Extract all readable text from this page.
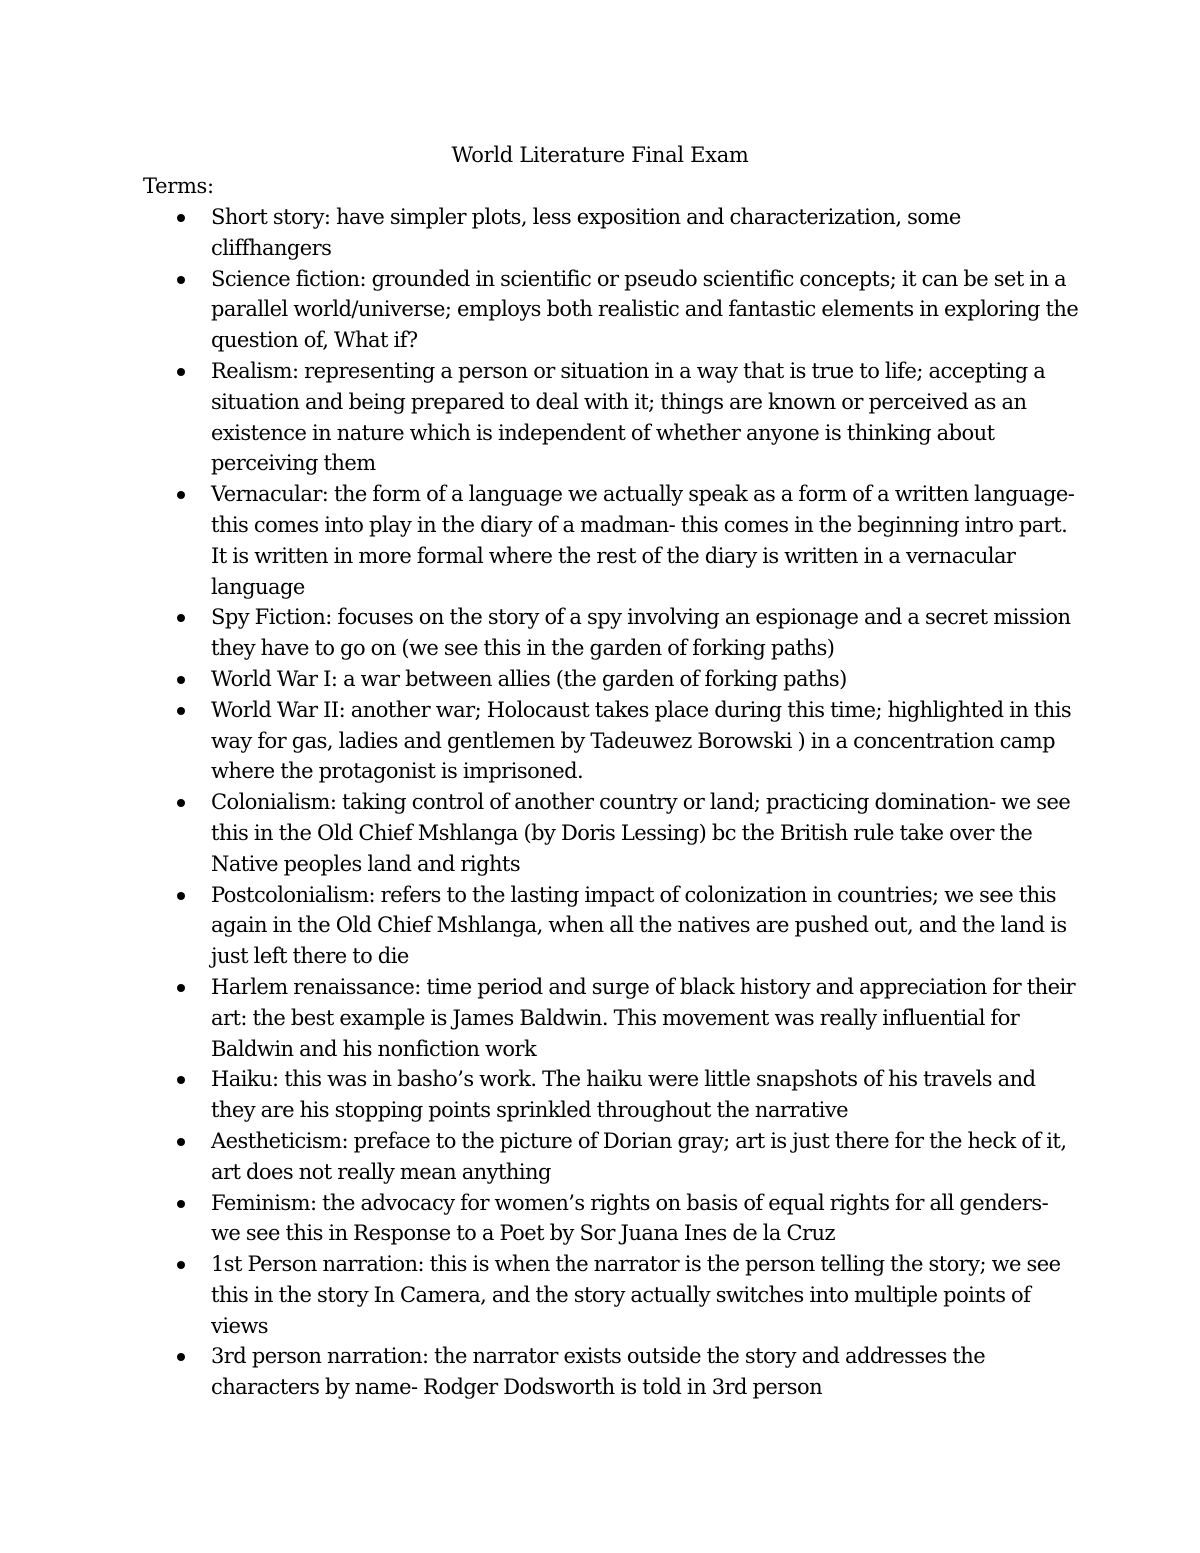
World Literature Final Exam
Terms:
Short story: have simpler plots, less exposition and characterization, some cliffhangers
Science fiction: grounded in scientific or pseudo scientific concepts; it can be set in a parallel world/universe; employs both realistic and fantastic elements in exploring the question of, What if?
Realism: representing a person or situation in a way that is true to life; accepting a situation and being prepared to deal with it; things are known or perceived as an existence in nature which is independent of whether anyone is thinking about perceiving them
Vernacular: the form of a language we actually speak as a form of a written language- this comes into play in the diary of a madman- this comes in the beginning intro part. It is written in more formal where the rest of the diary is written in a vernacular language
Spy Fiction: focuses on the story of a spy involving an espionage and a secret mission they have to go on (we see this in the garden of forking paths)
World War I: a war between allies (the garden of forking paths)
World War II: another war; Holocaust takes place during this time; highlighted in this way for gas, ladies and gentlemen by Tadeuwez Borowski ) in a concentration camp where the protagonist is imprisoned.
Colonialism: taking control of another country or land; practicing domination- we see this in the Old Chief Mshlanga (by Doris Lessing) bc the British rule take over the Native peoples land and rights
Postcolonialism: refers to the lasting impact of colonization in countries; we see this again in the Old Chief Mshlanga, when all the natives are pushed out, and the land is just left there to die
Harlem renaissance: time period and surge of black history and appreciation for their art: the best example is James Baldwin. This movement was really influential for Baldwin and his nonfiction work
Haiku: this was in basho’s work. The haiku were little snapshots of his travels and they are his stopping points sprinkled throughout the narrative
Aestheticism: preface to the picture of Dorian gray; art is just there for the heck of it, art does not really mean anything
Feminism: the advocacy for women’s rights on basis of equal rights for all genders- we see this in Response to a Poet by Sor Juana Ines de la Cruz
1st Person narration: this is when the narrator is the person telling the story; we see this in the story In Camera, and the story actually switches into multiple points of views
3rd person narration: the narrator exists outside the story and addresses the characters by name- Rodger Dodsworth is told in 3rd person
